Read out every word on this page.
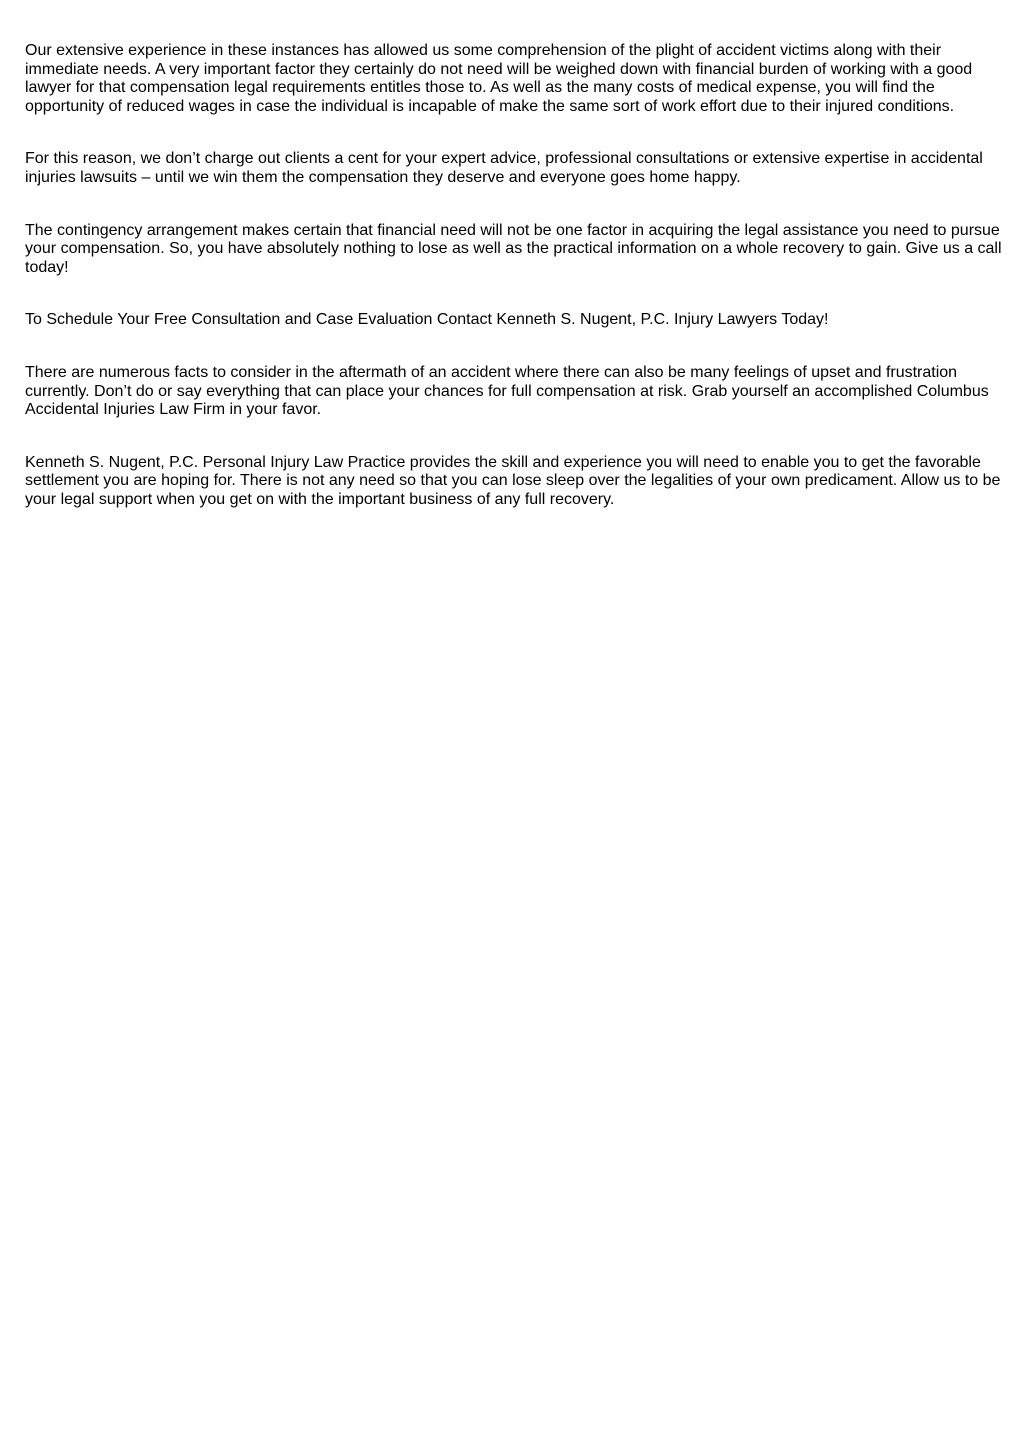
Our extensive experience in these instances has allowed us some comprehension of the plight of accident victims along with their immediate needs. A very important factor they certainly do not need will be weighed down with financial burden of working with a good lawyer for that compensation legal requirements entitles those to. As well as the many costs of medical expense, you will find the opportunity of reduced wages in case the individual is incapable of make the same sort of work effort due to their injured conditions.

For this reason, we don’t charge out clients a cent for your expert advice, professional consultations or extensive expertise in accidental injuries lawsuits – until we win them the compensation they deserve and everyone goes home happy.

The contingency arrangement makes certain that financial need will not be one factor in acquiring the legal assistance you need to pursue your compensation. So, you have absolutely nothing to lose as well as the practical information on a whole recovery to gain. Give us a call today!

To Schedule Your Free Consultation and Case Evaluation Contact Kenneth S. Nugent, P.C. Injury Lawyers Today!

There are numerous facts to consider in the aftermath of an accident where there can also be many feelings of upset and frustration currently. Don’t do or say everything that can place your chances for full compensation at risk. Grab yourself an accomplished Columbus Accidental Injuries Law Firm in your favor.

Kenneth S. Nugent, P.C. Personal Injury Law Practice provides the skill and experience you will need to enable you to get the favorable settlement you are hoping for. There is not any need so that you can lose sleep over the legalities of your own predicament. Allow us to be your legal support when you get on with the important business of any full recovery.
